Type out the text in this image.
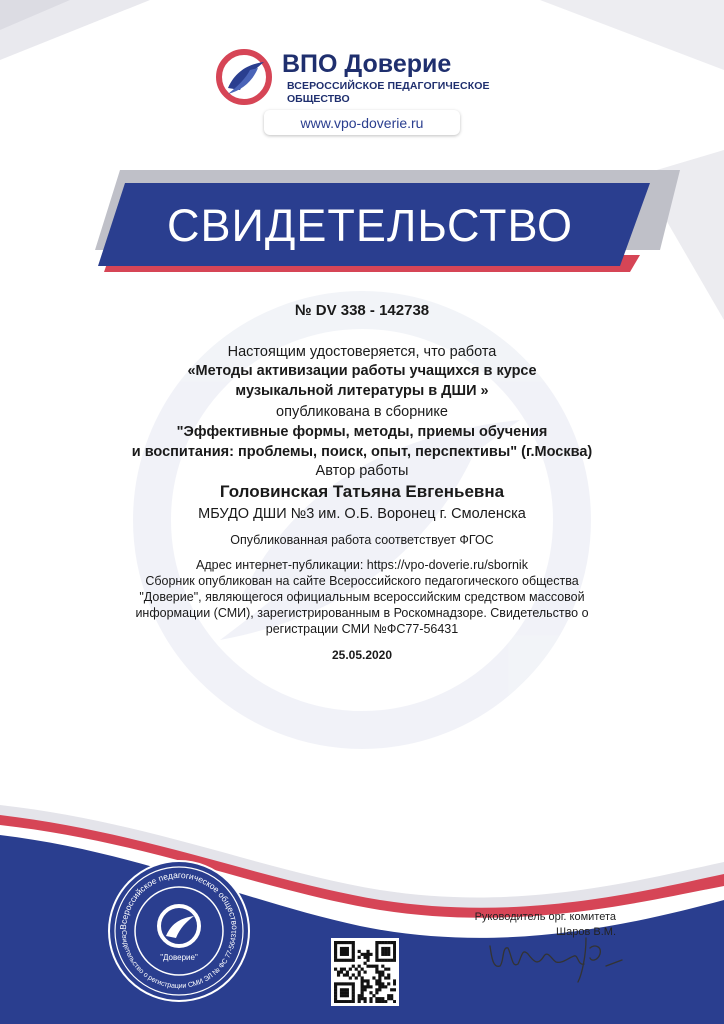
ВПО Доверие
ВСЕРОССИЙСКОЕ ПЕДАГОГИЧЕСКОЕ
ОБЩЕСТВО
www.vpo-doverie.ru
СВИДЕТЕЛЬСТВО
№ DV 338 - 142738
Настоящим удостоверяется, что работа
«Методы активизации работы учащихся в курсе
музыкальной литературы в ДШИ »
опубликована в сборнике
"Эффективные формы, методы, приемы обучения
и воспитания: проблемы, поиск, опыт, перспективы" (г.Москва)
Автор работы
Головинская Татьяна Евгеньевна
МБУДО ДШИ №3 им. О.Б. Воронец г. Смоленска
Опубликованная работа соответствует ФГОС
Адрес интернет-публикации: https://vpo-doverie.ru/sbornik
Сборник опубликован на сайте Всероссийского педагогического общества
"Доверие", являющегося официальным всероссийским средством массовой
информации (СМИ), зарегистрированным в Роскомнадзоре. Свидетельство о
регистрации СМИ №ФС77-56431
25.05.2020
Всероссийское педагогическое общество
Свидетельство о регистрации СМИ ЭЛ № ФС 77-56431
"Доверие"
Руководитель орг. комитета
Шаров В.М.
